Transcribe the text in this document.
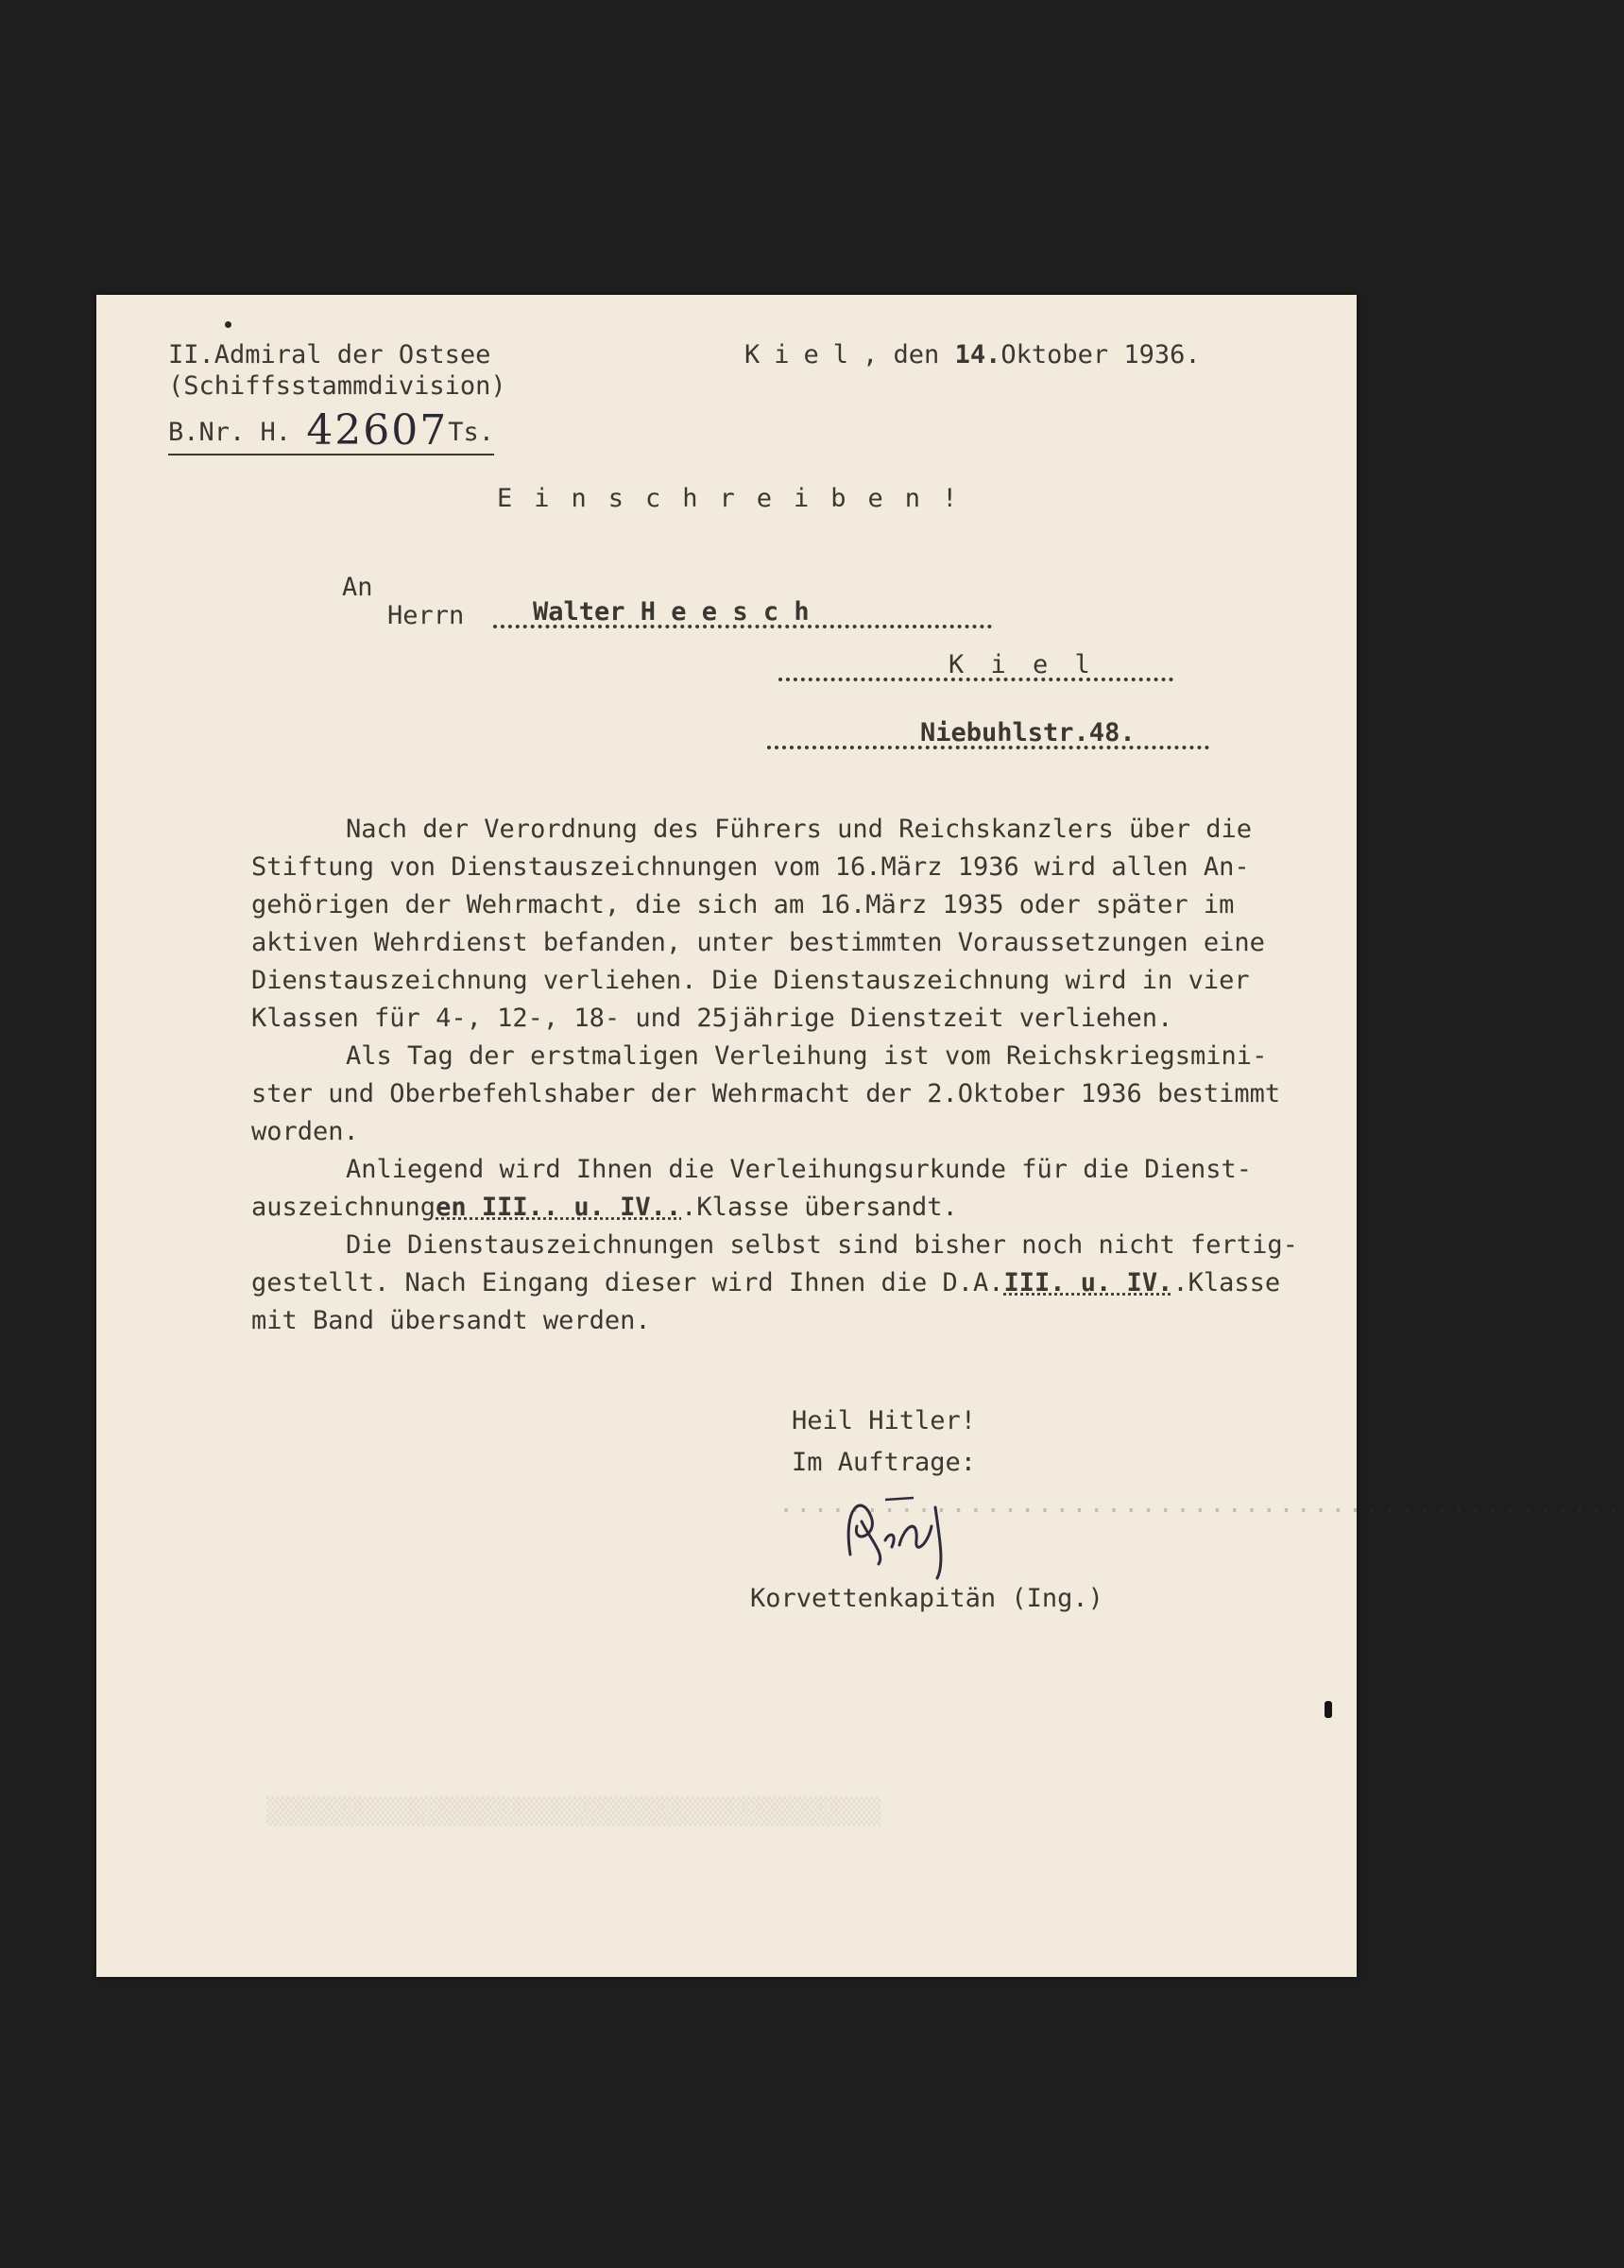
▒▒▒▒▒▒▒▒▒▒▒▒▒▒▒▒▒▒▒▒▒▒▒▒▒▒▒▒▒▒▒▒▒▒▒▒▒▒▒▒
II.Admiral der Ostsee
(Schiffsstammdivision)
B.Nr. H. 42607Ts.
Kiel, den 14.Oktober 1936.
Einschreiben!
An
Herrn	Walter H e e s c h
K i e l
Niebuhlstr.48.
Nach der Verordnung des Führers und Reichskanzlers über die
Stiftung von Dienstauszeichnungen vom 16.März 1936 wird allen An-
gehörigen der Wehrmacht, die sich am 16.März 1935 oder später im
aktiven Wehrdienst befanden, unter bestimmten Voraussetzungen eine
Dienstauszeichnung verliehen. Die Dienstauszeichnung wird in vier
Klassen für 4-, 12-, 18- und 25jährige Dienstzeit verliehen.
Als Tag der erstmaligen Verleihung ist vom Reichskriegsmini-
ster und Oberbefehlshaber der Wehrmacht der 2.Oktober 1936 bestimmt
worden.
Anliegend wird Ihnen die Verleihungsurkunde für die Dienst-
auszeichnungen III.. u. IV...Klasse übersandt.
Die Dienstauszeichnungen selbst sind bisher noch nicht fertig-
gestellt. Nach Eingang dieser wird Ihnen die D.A.III. u. IV..Klasse
mit Band übersandt werden.
Heil Hitler!
Im Auftrage:
.................................................
Korvettenkapitän (Ing.)
